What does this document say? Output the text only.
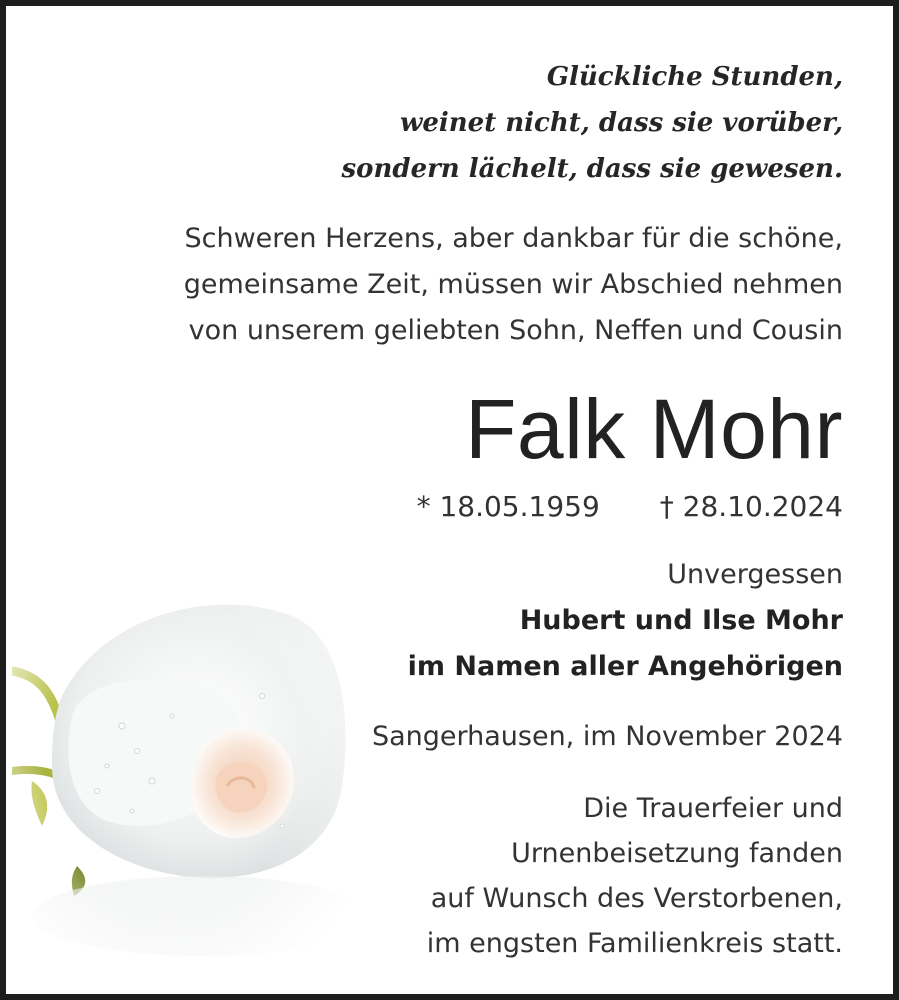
Glückliche Stunden,
weinet nicht, dass sie vorüber,
sondern lächelt, dass sie gewesen.
Schweren Herzens, aber dankbar für die schöne,
gemeinsame Zeit, müssen wir Abschied nehmen
von unserem geliebten Sohn, Neffen und Cousin
Falk Mohr
* 18.05.1959 † 28.10.2024
Unvergessen
Hubert und Ilse Mohr
im Namen aller Angehörigen
Sangerhausen, im November 2024
Die Trauerfeier und
Urnenbeisetzung fanden
auf Wunsch des Verstorbenen,
im engsten Familienkreis statt.
